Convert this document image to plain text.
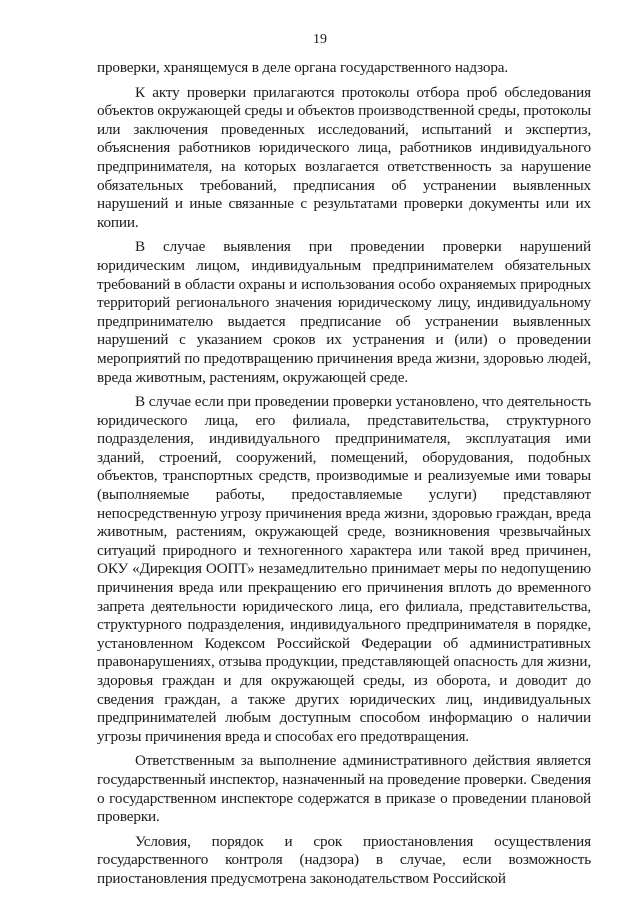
19

проверки, хранящемуся в деле органа государственного надзора.

К акту проверки прилагаются протоколы отбора проб обследования объектов окружающей среды и объектов производственной среды, протоколы или заключения проведенных исследований, испытаний и экспертиз, объяснения работников юридического лица, работников индивидуального предпринимателя, на которых возлагается ответственность за нарушение обязательных требований, предписания об устранении выявленных нарушений и иные связанные с результатами проверки документы или их копии.

В случае выявления при проведении проверки нарушений юридическим лицом, индивидуальным предпринимателем обязательных требований в области охраны и использования особо охраняемых природных территорий регионального значения юридическому лицу, индивидуальному предпринимателю выдается предписание об устранении выявленных нарушений с указанием сроков их устранения и (или) о проведении мероприятий по предотвращению причинения вреда жизни, здоровью людей, вреда животным, растениям, окружающей среде.

В случае если при проведении проверки установлено, что деятельность юридического лица, его филиала, представительства, структурного подразделения, индивидуального предпринимателя, эксплуатация ими зданий, строений, сооружений, помещений, оборудования, подобных объектов, транспортных средств, производимые и реализуемые ими товары (выполняемые работы, предоставляемые услуги) представляют непосредственную угрозу причинения вреда жизни, здоровью граждан, вреда животным, растениям, окружающей среде, возникновения чрезвычайных ситуаций природного и техногенного характера или такой вред причинен, ОКУ «Дирекция ООПТ» незамедлительно принимает меры по недопущению причинения вреда или прекращению его причинения вплоть до временного запрета деятельности юридического лица, его филиала, представительства, структурного подразделения, индивидуального предпринимателя в порядке, установленном Кодексом Российской Федерации об административных правонарушениях, отзыва продукции, представляющей опасность для жизни, здоровья граждан и для окружающей среды, из оборота, и доводит до сведения граждан, а также других юридических лиц, индивидуальных предпринимателей любым доступным способом информацию о наличии угрозы причинения вреда и способах его предотвращения.

Ответственным за выполнение административного действия является государственный инспектор, назначенный на проведение проверки. Сведения о государственном инспекторе содержатся в приказе о проведении плановой проверки.

Условия, порядок и срок приостановления осуществления государственного контроля (надзора) в случае, если возможность приостановления предусмотрена законодательством Российской
